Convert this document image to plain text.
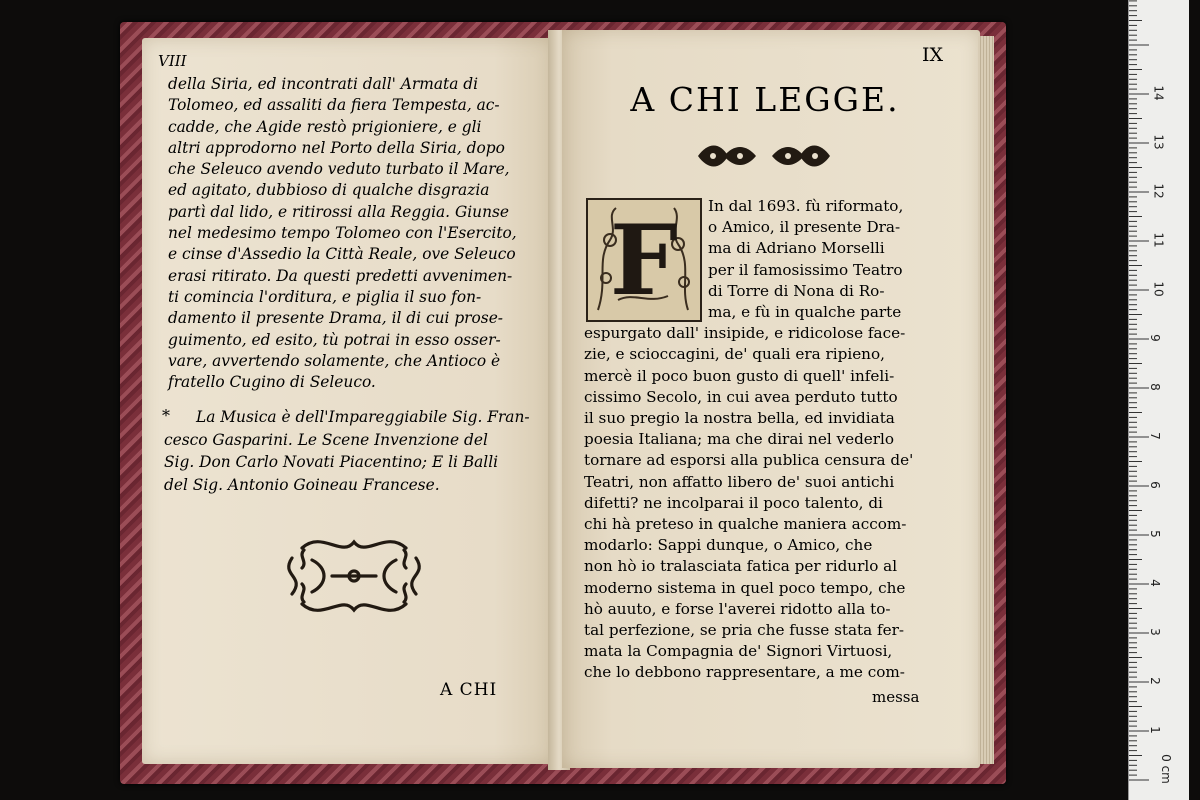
VIII
della Siria, ed incontrati dall' Armata di
Tolomeo, ed assaliti da fiera Tempesta, ac-
cadde, che Agide restò prigioniere, e gli
altri approdorno nel Porto della Siria, dopo
che Seleuco avendo veduto turbato il Mare,
ed agitato, dubbioso di qualche disgrazia
partì dal lido, e ritirossi alla Reggia. Giunse
nel medesimo tempo Tolomeo con l'Esercito,
e cinse d'Assedio la Città Reale, ove Seleuco
erasi ritirato. Da questi predetti avvenimen-
ti comincia l'orditura, e piglia il suo fon-
damento il presente Drama, il di cui prose-
guimento, ed esito, tù potrai in esso osser-
vare, avvertendo solamente, che Antioco è
fratello Cugino di Seleuco.
*	La Musica è dell'Impareggiabile Sig. Fran-
cesco Gasparini. Le Scene Invenzione del
Sig. Don Carlo Novati Piacentino; E li Balli
del Sig. Antonio Goineau Francese.
A CHI
IX
A CHI LEGGE.
F	In dal 1693. fù riformato,
o Amico, il presente Dra-
ma di Adriano Morselli
per il famosissimo Teatro
di Torre di Nona di Ro-
ma, e fù in qualche parte
espurgato dall' insipide, e ridicolose face-
zie, e scioccagini, de' quali era ripieno,
mercè il poco buon gusto di quell' infeli-
cissimo Secolo, in cui avea perduto tutto
il suo pregio la nostra bella, ed invidiata
poesia Italiana; ma che dirai nel vederlo
tornare ad esporsi alla publica censura de'
Teatri, non affatto libero de' suoi antichi
difetti? ne incolparai il poco talento, di
chi hà preteso in qualche maniera accom-
modarlo: Sappi dunque, o Amico, che
non hò io tralasciata fatica per ridurlo al
moderno sistema in quel poco tempo, che
hò auuto, e forse l'averei ridotto alla to-
tal perfezione, se pria che fusse stata fer-
mata la Compagnia de' Signori Virtuosi,
che lo debbono rappresentare, a me com-
messa
0 cm
1
2
3
4
5
6
7
8
9
10
11
12
13
14
